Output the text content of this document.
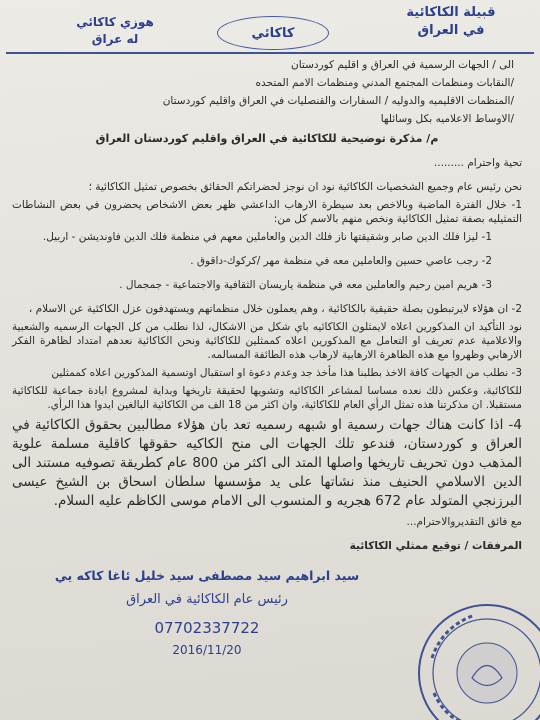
قبيلة الكاكائية
في العراق
كاكائي
هوزي كاكائي
له عراق
الى / الجهات الرسمية في العراق و اقليم كوردستان
/النقابات ومنظمات المجتمع المدني ومنظمات الامم المتحده
/المنظمات الاقليميه والدوليه / السفارات والقنصليات في العراق واقليم كوردستان
/الاوساط الاعلاميه بكل وسائلها
م/ مذكرة توضيحية للكاكائية في العراق واقليم كوردستان العراق
تحية واحترام .........
نحن رئيس عام وجميع الشخصيات الكاكائية نود ان نوجز لحضراتكم الحقائق بخصوص تمثيل الكاكائية ؛
1- خلال الفترة الماضية وبالاخص بعد سيطرة الارهاب الداعشي ظهر بعض الاشخاص يحضرون في بعض النشاطات التمثيليه بصفة تمثيل الكاكائية ونخص منهم بالاسم كل من:
1- ليزا فلك الدين صابر وشقيقتها ناز فلك الدين والعاملين معهم في منظمة فلك الدين فاونديشن - اربيل.
2- رجب عاصي حسين والعاملين معه في منظمة مهر /كركوك-داقوق .
3- هريم امين رحيم والعاملين معه في منظمة ياريسان الثقافية والاجتماعية - جمجمال .
2- ان هؤلاء لايرتبطون بصلة حقيقية بالكاكائية ، وهم يعملون خلال منظماتهم ويستهدفون عزل الكاكئية عن الاسلام ،
نود التأكيد ان المذكورين اعلاه لايمثلون الكاكائيه باي شكل من الاشكال، لذا نطلب من كل الجهات الرسميه والشعبية والاعلامية عدم تعريف او التعامل مع المذكورين اعلاه كممثلين للكاكائية ونحن الكاكائية نعدهم امتداد لظاهرة الفكر الارهابي وظهروا مع هذه الظاهرة الارهابية لارهاب هذه الطائفة المسالمه.
3- نطلب من الجهات كافة الاخذ بطلبنا هذا مأخذ جد وعدم دعوة او استقبال اوتسمية المذكورين اعلاه كممثلين
للكاكائية، وعكس ذلك نعده مساسا لمشاعر الكاكائيه وتشويها لحقيقة تاريخها وبداية لمشروع ابادة جماعية للكاكائية مستقبلا. ان مذكرتنا هذه تمثل الرأي العام للكاكائية، وان اكثر من 18 الف من الكاكائية البالغين ايدوا هذا الرأي.
4- اذا كانت هناك جهات رسمية او شبهه رسميه تعد بان هؤلاء مطالبين بحقوق الكاكائية في العراق و كوردستان، فندعو تلك الجهات الى منح الكاكيه حقوقها كاقلية مسلمة علوية المذهب دون تحريف تاريخها واصلها المتد الى اكثر من 800 عام كطريقة تصوفيه مستند الى الدين الاسلامي الحنيف منذ نشاتها على يد مؤسسها سلطان اسحاق بن الشيخ عيسى البرزنجي المتولد عام 672 هجريه و المنسوب الى الامام موسى الكاظم عليه السلام.
مع فائق التقديروالاحترام...
المرفقات / توقيع ممثلي الكاكائية
سيد ابراهيم سيد مصطفى سيد خليل ئاغا كاكه يي
رئيس عام الكاكائية في العراق
07702337722
2016/11/20
